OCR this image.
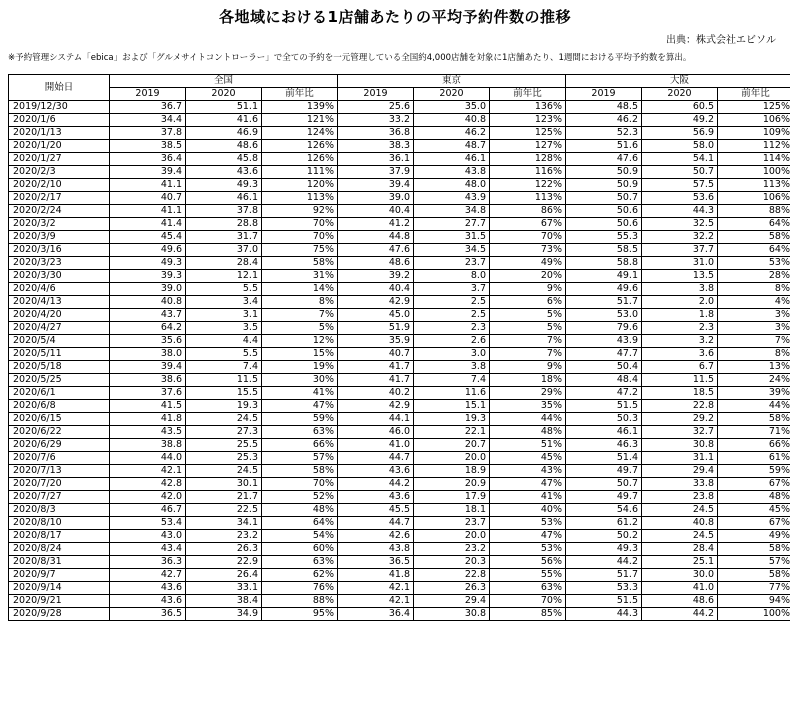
各地域における1店舗あたりの平均予約件数の推移
出典：株式会社エビソル
※予約管理システム「ebica」および「グルメサイトコントローラー」で全ての予約を一元管理している全国約4,000店舗を対象に1店舗あたり、1週間における平均予約数を算出。
開始日	全国			東京			大阪		
	2019	2020	前年比	2019	2020	前年比	2019	2020	前年比
2019/12/30	36.7	51.1	139%	25.6	35.0	136%	48.5	60.5	125%
2020/1/6	34.4	41.6	121%	33.2	40.8	123%	46.2	49.2	106%
2020/1/13	37.8	46.9	124%	36.8	46.2	125%	52.3	56.9	109%
2020/1/20	38.5	48.6	126%	38.3	48.7	127%	51.6	58.0	112%
2020/1/27	36.4	45.8	126%	36.1	46.1	128%	47.6	54.1	114%
2020/2/3	39.4	43.6	111%	37.9	43.8	116%	50.9	50.7	100%
2020/2/10	41.1	49.3	120%	39.4	48.0	122%	50.9	57.5	113%
2020/2/17	40.7	46.1	113%	39.0	43.9	113%	50.7	53.6	106%
2020/2/24	41.1	37.8	92%	40.4	34.8	86%	50.6	44.3	88%
2020/3/2	41.4	28.8	70%	41.2	27.7	67%	50.6	32.5	64%
2020/3/9	45.4	31.7	70%	44.8	31.5	70%	55.3	32.2	58%
2020/3/16	49.6	37.0	75%	47.6	34.5	73%	58.5	37.7	64%
2020/3/23	49.3	28.4	58%	48.6	23.7	49%	58.8	31.0	53%
2020/3/30	39.3	12.1	31%	39.2	8.0	20%	49.1	13.5	28%
2020/4/6	39.0	5.5	14%	40.4	3.7	9%	49.6	3.8	8%
2020/4/13	40.8	3.4	8%	42.9	2.5	6%	51.7	2.0	4%
2020/4/20	43.7	3.1	7%	45.0	2.5	5%	53.0	1.8	3%
2020/4/27	64.2	3.5	5%	51.9	2.3	5%	79.6	2.3	3%
2020/5/4	35.6	4.4	12%	35.9	2.6	7%	43.9	3.2	7%
2020/5/11	38.0	5.5	15%	40.7	3.0	7%	47.7	3.6	8%
2020/5/18	39.4	7.4	19%	41.7	3.8	9%	50.4	6.7	13%
2020/5/25	38.6	11.5	30%	41.7	7.4	18%	48.4	11.5	24%
2020/6/1	37.6	15.5	41%	40.2	11.6	29%	47.2	18.5	39%
2020/6/8	41.5	19.3	47%	42.9	15.1	35%	51.5	22.8	44%
2020/6/15	41.8	24.5	59%	44.1	19.3	44%	50.3	29.2	58%
2020/6/22	43.5	27.3	63%	46.0	22.1	48%	46.1	32.7	71%
2020/6/29	38.8	25.5	66%	41.0	20.7	51%	46.3	30.8	66%
2020/7/6	44.0	25.3	57%	44.7	20.0	45%	51.4	31.1	61%
2020/7/13	42.1	24.5	58%	43.6	18.9	43%	49.7	29.4	59%
2020/7/20	42.8	30.1	70%	44.2	20.9	47%	50.7	33.8	67%
2020/7/27	42.0	21.7	52%	43.6	17.9	41%	49.7	23.8	48%
2020/8/3	46.7	22.5	48%	45.5	18.1	40%	54.6	24.5	45%
2020/8/10	53.4	34.1	64%	44.7	23.7	53%	61.2	40.8	67%
2020/8/17	43.0	23.2	54%	42.6	20.0	47%	50.2	24.5	49%
2020/8/24	43.4	26.3	60%	43.8	23.2	53%	49.3	28.4	58%
2020/8/31	36.3	22.9	63%	36.5	20.3	56%	44.2	25.1	57%
2020/9/7	42.7	26.4	62%	41.8	22.8	55%	51.7	30.0	58%
2020/9/14	43.6	33.1	76%	42.1	26.3	63%	53.3	41.0	77%
2020/9/21	43.6	38.4	88%	42.1	29.4	70%	51.5	48.6	94%
2020/9/28	36.5	34.9	95%	36.4	30.8	85%	44.3	44.2	100%
